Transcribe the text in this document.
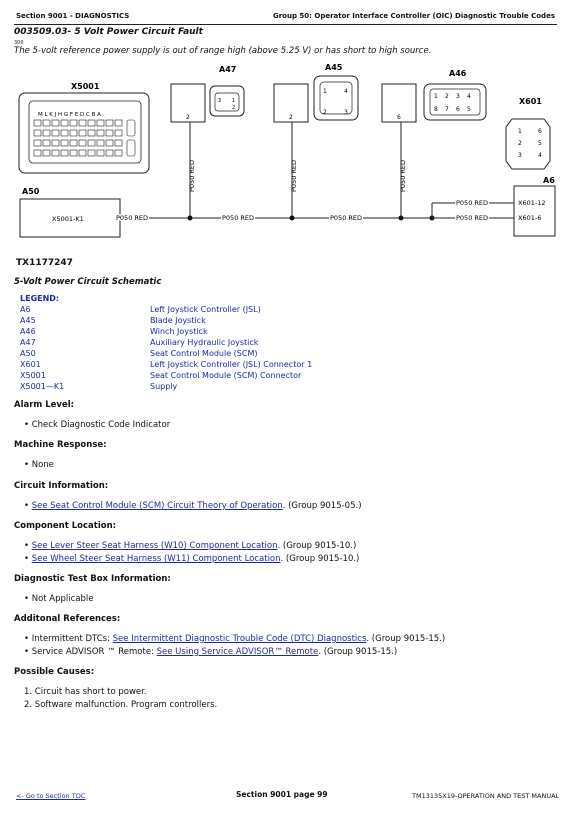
Section 9001 - DIAGNOSTICS	Group 50: Operator Interface Controller (OIC) Diagnostic Trouble Codes
003509.03- 5 Volt Power Circuit Fault
306
The 5-volt reference power supply is out of range high (above 5.25 V) or has short to high source.
X5001
M L K J H G F E D C B A
A47
3 1
2
A45
4
1
2	3
A46
1 2 3 4
8 7 6 5
X601
1	6
2	5
3	4
2	2	6
P050 RED	P050 RED	P050 RED
A50
X5001-K1	P050 RED	P050 RED	P050 RED
P050 RED
P050 RED
A6
X601-12
X601-6
TX1177247
5-Volt Power Circuit Schematic
LEGEND:
A6	Left Joystick Controller (JSL)
A45	Blade Joystick
A46	Winch Joystick
A47	Auxiliary Hydraulic Joystick
A50	Seat Control Module (SCM)
X601	Left Joystick Controller (JSL) Connector 1
X5001	Seat Control Module (SCM) Connector
X5001—K1	Supply
Alarm Level:
• Check Diagnostic Code Indicator
Machine Response:
• None
Circuit Information:
• See Seat Control Module (SCM) Circuit Theory of Operation. (Group 9015-05.)
Component Location:
• See Lever Steer Seat Harness (W10) Component Location. (Group 9015-10.)
• See Wheel Steer Seat Harness (W11) Component Location. (Group 9015-10.)
Diagnostic Test Box Information:
• Not Applicable
Additonal References:
• Intermittent DTCs: See Intermittent Diagnostic Trouble Code (DTC) Diagnostics. (Group 9015-15.)
• Service ADVISOR ™ Remote: See Using Service ADVISOR™ Remote. (Group 9015-15.)
Possible Causes:
1. Circuit has short to power.
2. Software malfunction. Program controllers.
<- Go to Section TOC	Section 9001 page 99	TM13135X19-OPERATION AND TEST MANUAL
